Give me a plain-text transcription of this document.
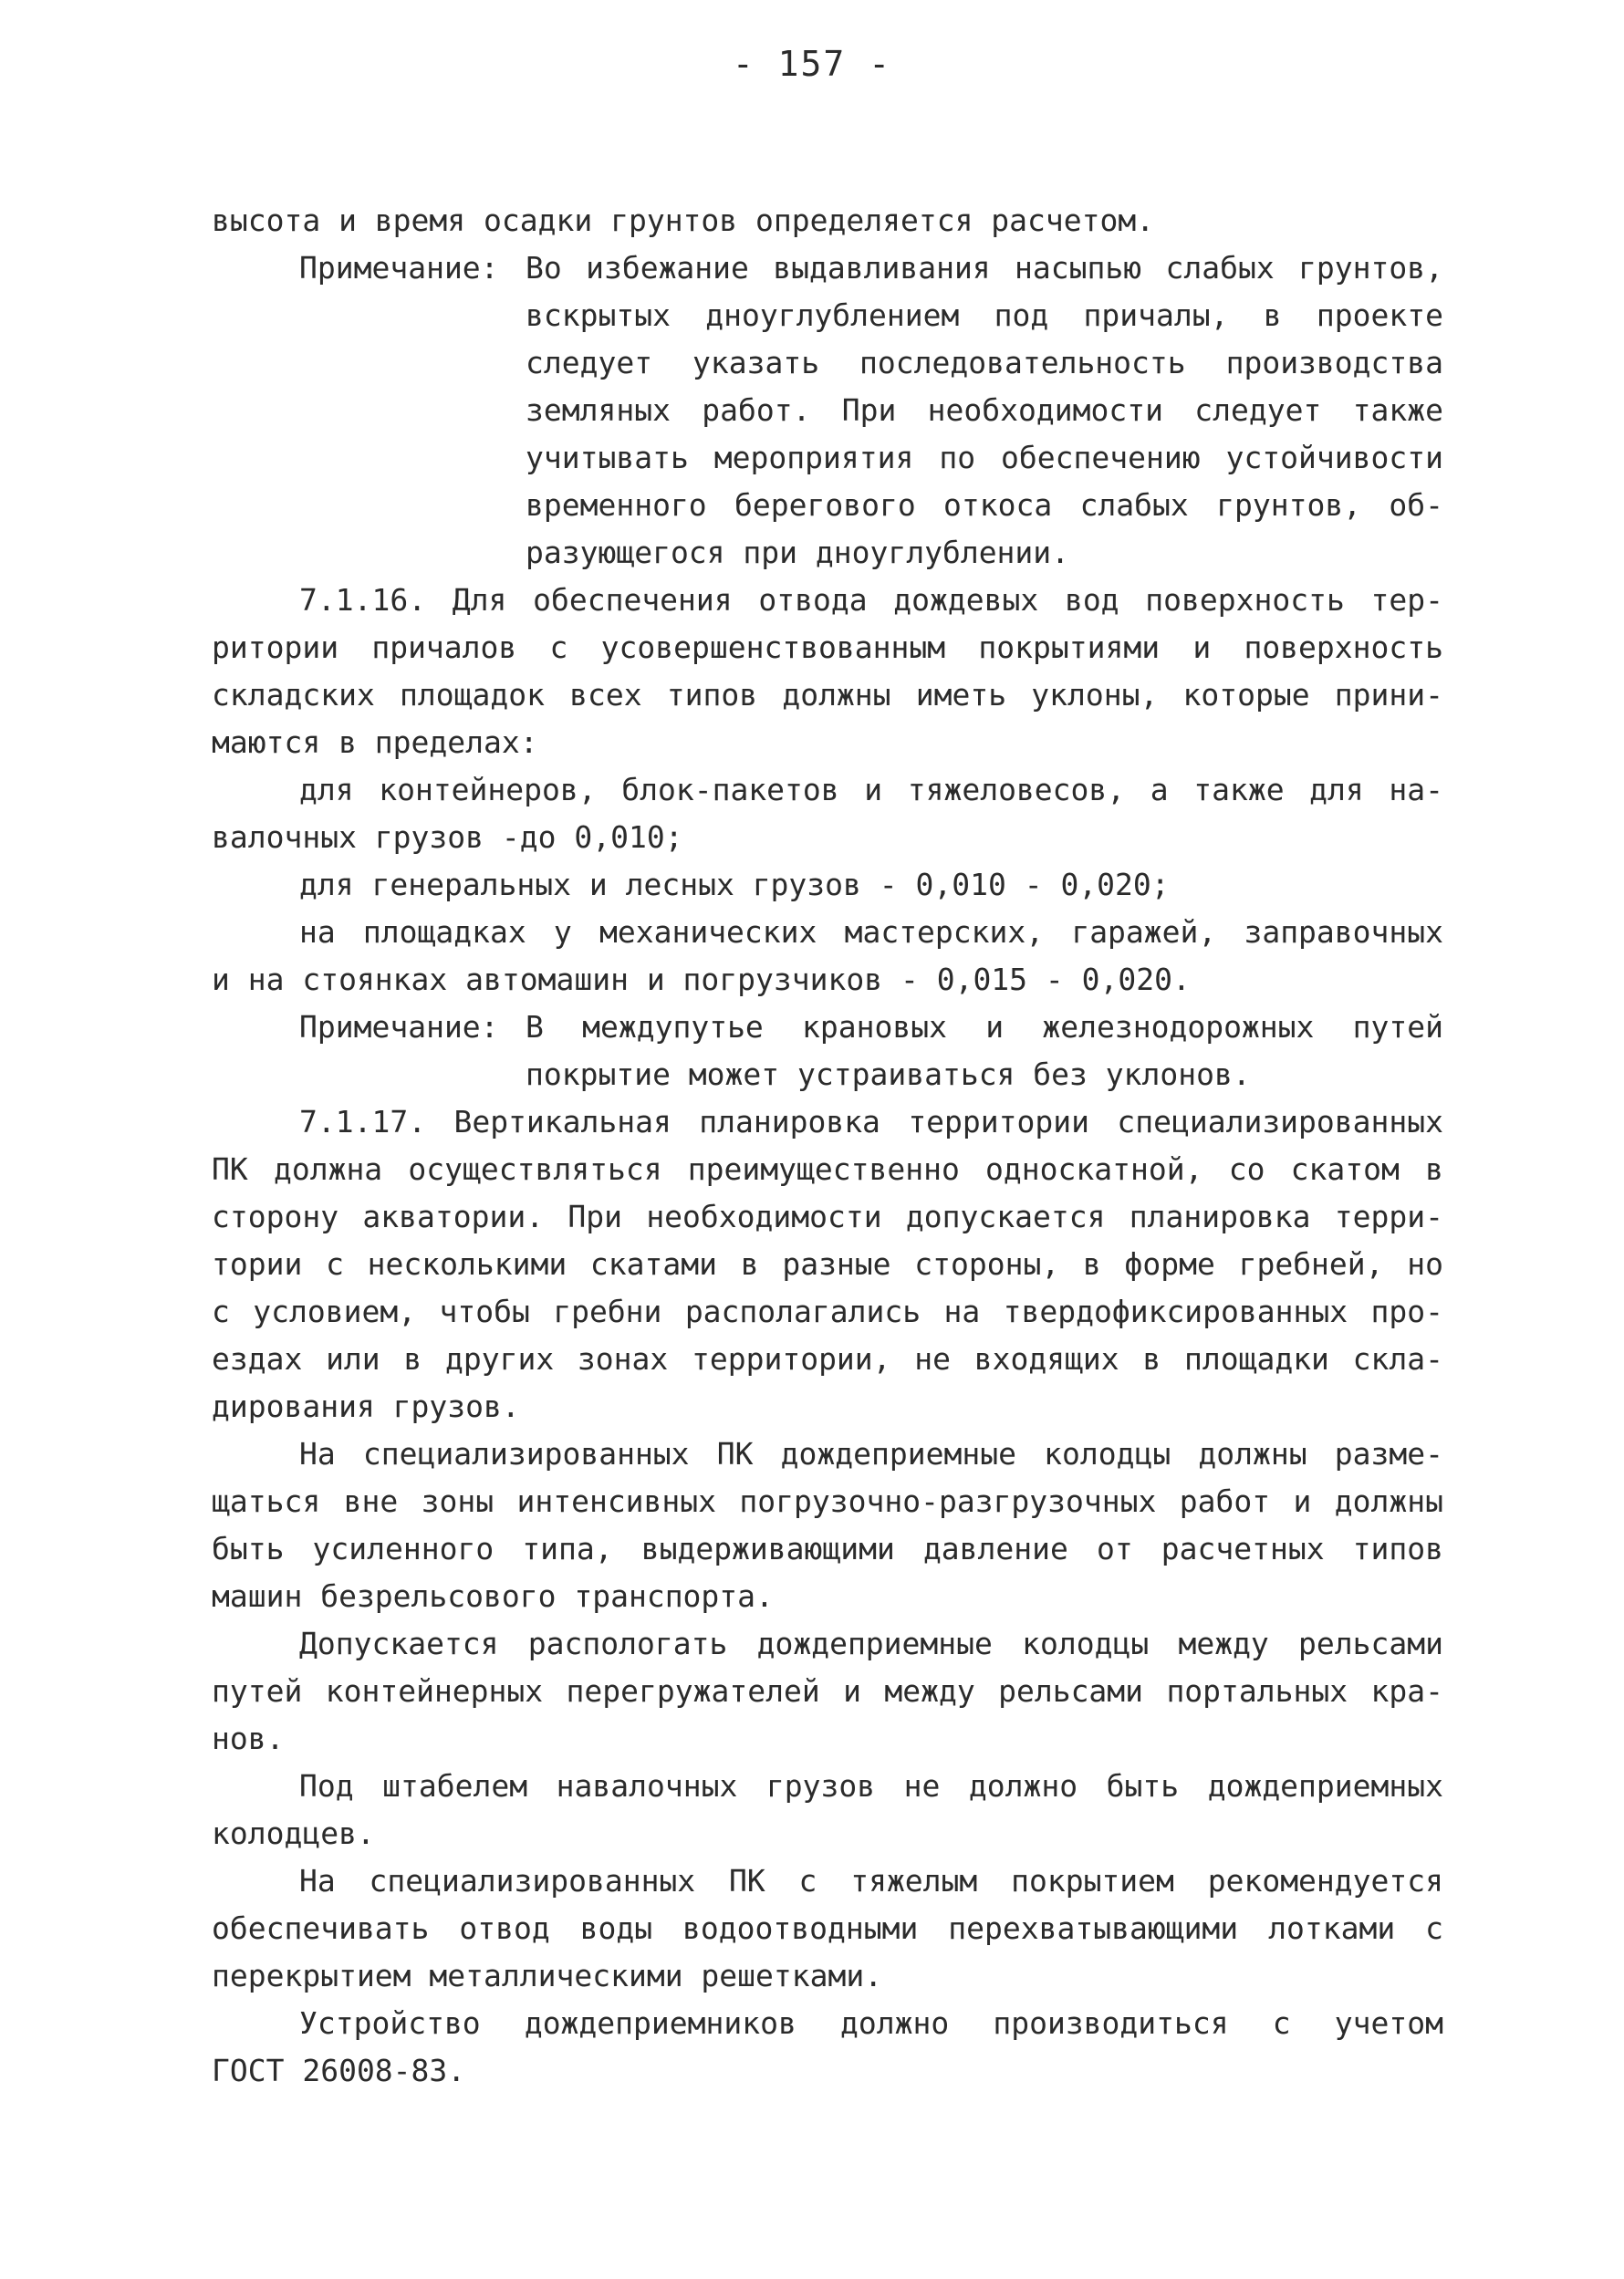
- 157 -
высота и время осадки грунтов определяется расчетом.
Примечание: Во избежание выдавливания насыпью слабых грунтов,
вскрытых дноуглублением под причалы, в проекте
следует указать последовательность производства
земляных работ. При необходимости следует также
учитывать мероприятия по обеспечению устойчивости
временного берегового откоса слабых грунтов, об-
разующегося при дноуглублении.
7.1.16. Для обеспечения отвода дождевых вод поверхность тер-
ритории причалов с усовершенствованным покрытиями и поверхность
складских площадок всех типов должны иметь уклоны, которые прини-
маются в пределах:
для контейнеров, блок-пакетов и тяжеловесов, а также для на-
валочных грузов -до 0,010;
для генеральных и лесных грузов - 0,010 - 0,020;
на площадках у механических мастерских, гаражей, заправочных
и на стоянках автомашин и погрузчиков - 0,015 - 0,020.
Примечание: В междупутье крановых и железнодорожных путей
покрытие может устраиваться без уклонов.
7.1.17. Вертикальная планировка территории специализированных
ПК должна осуществляться преимущественно односкатной, со скатом в
сторону акватории. При необходимости допускается планировка терри-
тории с несколькими скатами в разные стороны, в форме гребней, но
с условием, чтобы гребни располагались на твердофиксированных про-
ездах или в других зонах территории, не входящих в площадки скла-
дирования грузов.
На специализированных ПК дождеприемные колодцы должны разме-
щаться вне зоны интенсивных погрузочно-разгрузочных работ и должны
быть усиленного типа, выдерживающими давление от расчетных типов
машин безрельсового транспорта.
Допускается распологать дождеприемные колодцы между рельсами
путей контейнерных перегружателей и между рельсами портальных кра-
нов.
Под штабелем навалочных грузов не должно быть дождеприемных
колодцев.
На специализированных ПК с тяжелым покрытием рекомендуется
обеспечивать отвод воды водоотводными перехватывающими лотками с
перекрытием металлическими решетками.
Устройство дождеприемников должно производиться с учетом
ГОСТ 26008-83.
